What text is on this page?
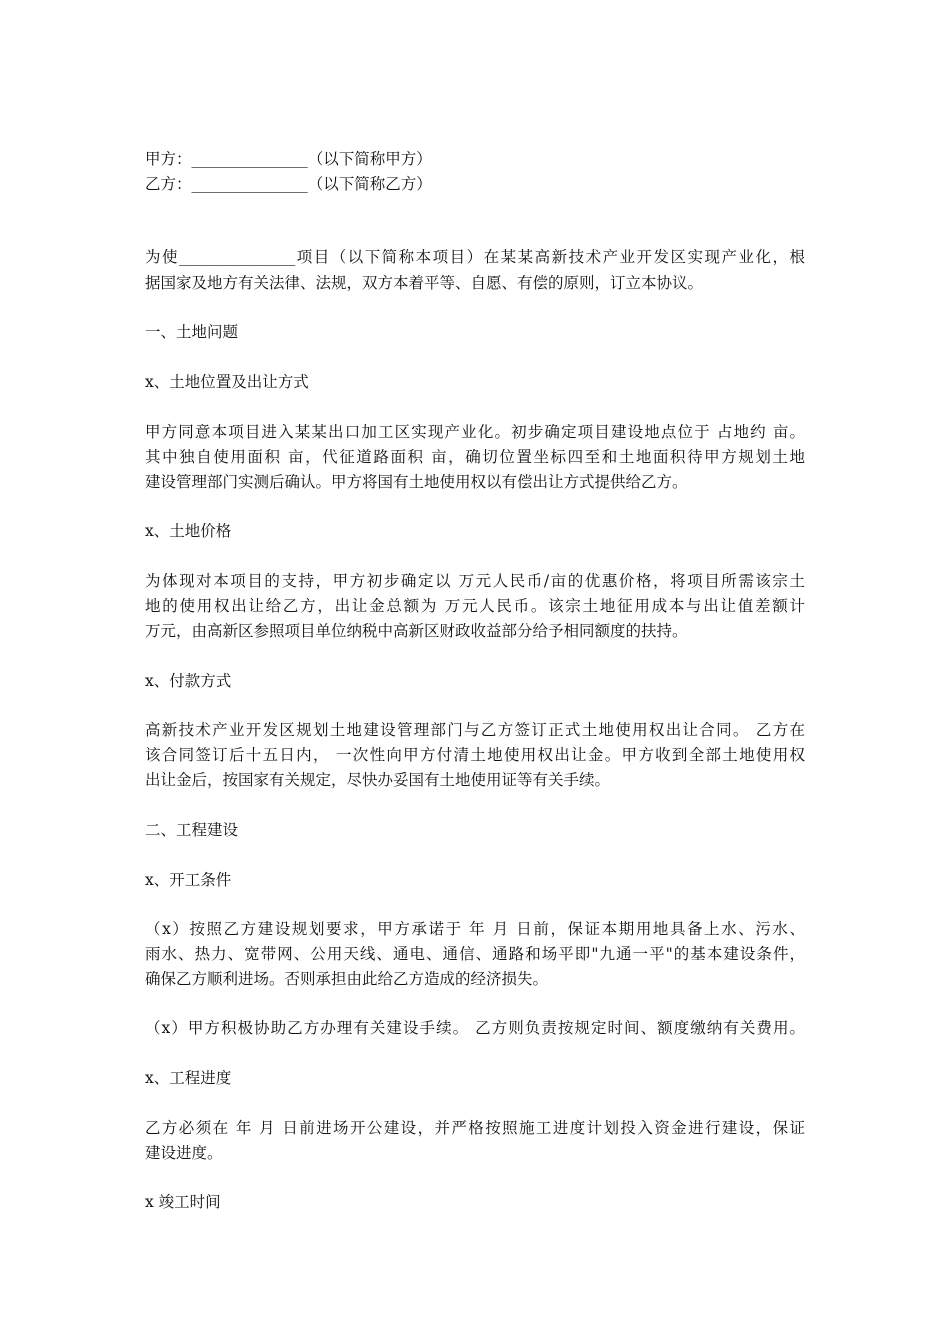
甲方：_______________（以下简称甲方）
乙方：_______________（以下简称乙方）
为使_______________项目（以下简称本项目）在某某高新技术产业开发区实现产业化，根
据国家及地方有关法律、法规，双方本着平等、自愿、有偿的原则，订立本协议。
一、土地问题
x、土地位置及出让方式
甲方同意本项目进入某某出口加工区实现产业化。初步确定项目建设地点位于 占地约 亩。
其中独自使用面积 亩，代征道路面积 亩，确切位置坐标四至和土地面积待甲方规划土地
建设管理部门实测后确认。甲方将国有土地使用权以有偿出让方式提供给乙方。
x、土地价格
为体现对本项目的支持，甲方初步确定以 万元人民币/亩的优惠价格，将项目所需该宗土
地的使用权出让给乙方，出让金总额为 万元人民币。该宗土地征用成本与出让值差额计
万元，由高新区参照项目单位纳税中高新区财政收益部分给予相同额度的扶持。
x、付款方式
高新技术产业开发区规划土地建设管理部门与乙方签订正式土地使用权出让合同。 乙方在
该合同签订后十五日内， 一次性向甲方付清土地使用权出让金。甲方收到全部土地使用权
出让金后，按国家有关规定，尽快办妥国有土地使用证等有关手续。
二、工程建设
x、开工条件
（x）按照乙方建设规划要求，甲方承诺于 年 月 日前，保证本期用地具备上水、污水、
雨水、热力、宽带网、公用天线、通电、通信、通路和场平即"九通一平"的基本建设条件，
确保乙方顺利进场。否则承担由此给乙方造成的经济损失。
（x）甲方积极协助乙方办理有关建设手续。 乙方则负责按规定时间、额度缴纳有关费用。
x、工程进度
乙方必须在 年 月 日前进场开公建设，并严格按照施工进度计划投入资金进行建设，保证
建设进度。
x 竣工时间
